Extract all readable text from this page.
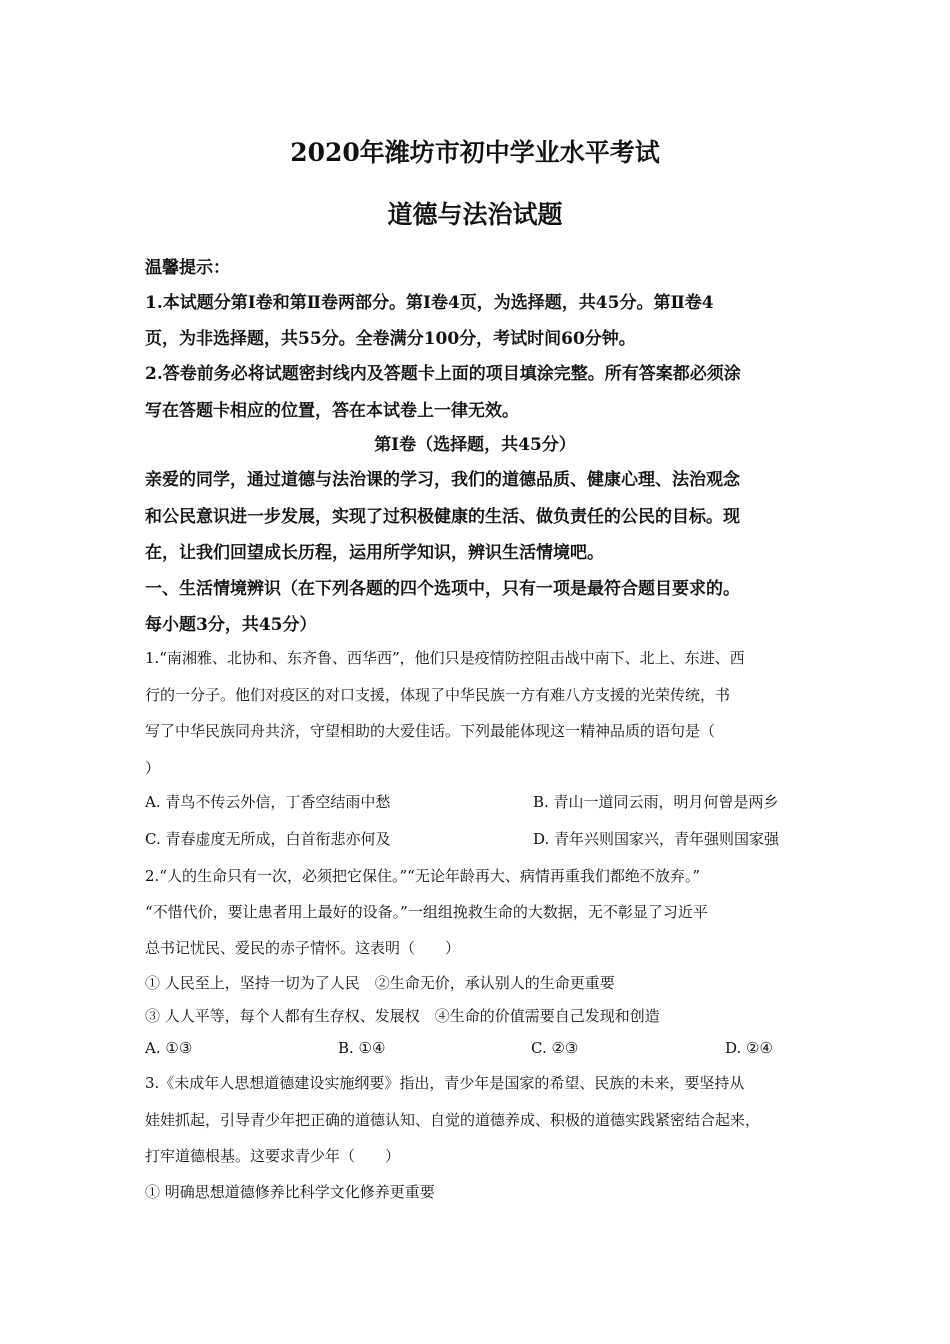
2020年潍坊市初中学业水平考试
道德与法治试题
温馨提示：
1.本试题分第Ⅰ卷和第Ⅱ卷两部分。第Ⅰ卷4页，为选择题，共45分。第Ⅱ卷4
页，为非选择题，共55分。全卷满分100分，考试时间60分钟。
2.答卷前务必将试题密封线内及答题卡上面的项目填涂完整。所有答案都必须涂
写在答题卡相应的位置，答在本试卷上一律无效。
第Ⅰ卷（选择题，共45分）
亲爱的同学，通过道德与法治课的学习，我们的道德品质、健康心理、法治观念
和公民意识进一步发展，实现了过积极健康的生活、做负责任的公民的目标。现
在，让我们回望成长历程，运用所学知识，辨识生活情境吧。
一、生活情境辨识（在下列各题的四个选项中，只有一项是最符合题目要求的。
每小题3分，共45分）
1.“南湘雅、北协和、东齐鲁、西华西”，他们只是疫情防控阻击战中南下、北上、东进、西
行的一分子。他们对疫区的对口支援，体现了中华民族一方有难八方支援的光荣传统，书
写了中华民族同舟共济，守望相助的大爱佳话。下列最能体现这一精神品质的语句是（
）
A. 青鸟不传云外信，丁香空结雨中愁	B. 青山一道同云雨，明月何曾是两乡
C. 青春虚度无所成，白首衔悲亦何及	D. 青年兴则国家兴，青年强则国家强
2.“人的生命只有一次，必须把它保住。”“无论年龄再大、病情再重我们都绝不放弃。”
“不惜代价，要让患者用上最好的设备。”一组组挽救生命的大数据，无不彰显了习近平
总书记忧民、爱民的赤子情怀。这表明（　　）
① 人民至上，坚持一切为了人民　②生命无价，承认别人的生命更重要
③ 人人平等，每个人都有生存权、发展权　④生命的价值需要自己发现和创造
A. ①③	B. ①④	C. ②③	D. ②④
3.《未成年人思想道德建设实施纲要》指出，青少年是国家的希望、民族的未来，要坚持从
娃娃抓起，引导青少年把正确的道德认知、自觉的道德养成、积极的道德实践紧密结合起来，
打牢道德根基。这要求青少年（　　）
① 明确思想道德修养比科学文化修养更重要
